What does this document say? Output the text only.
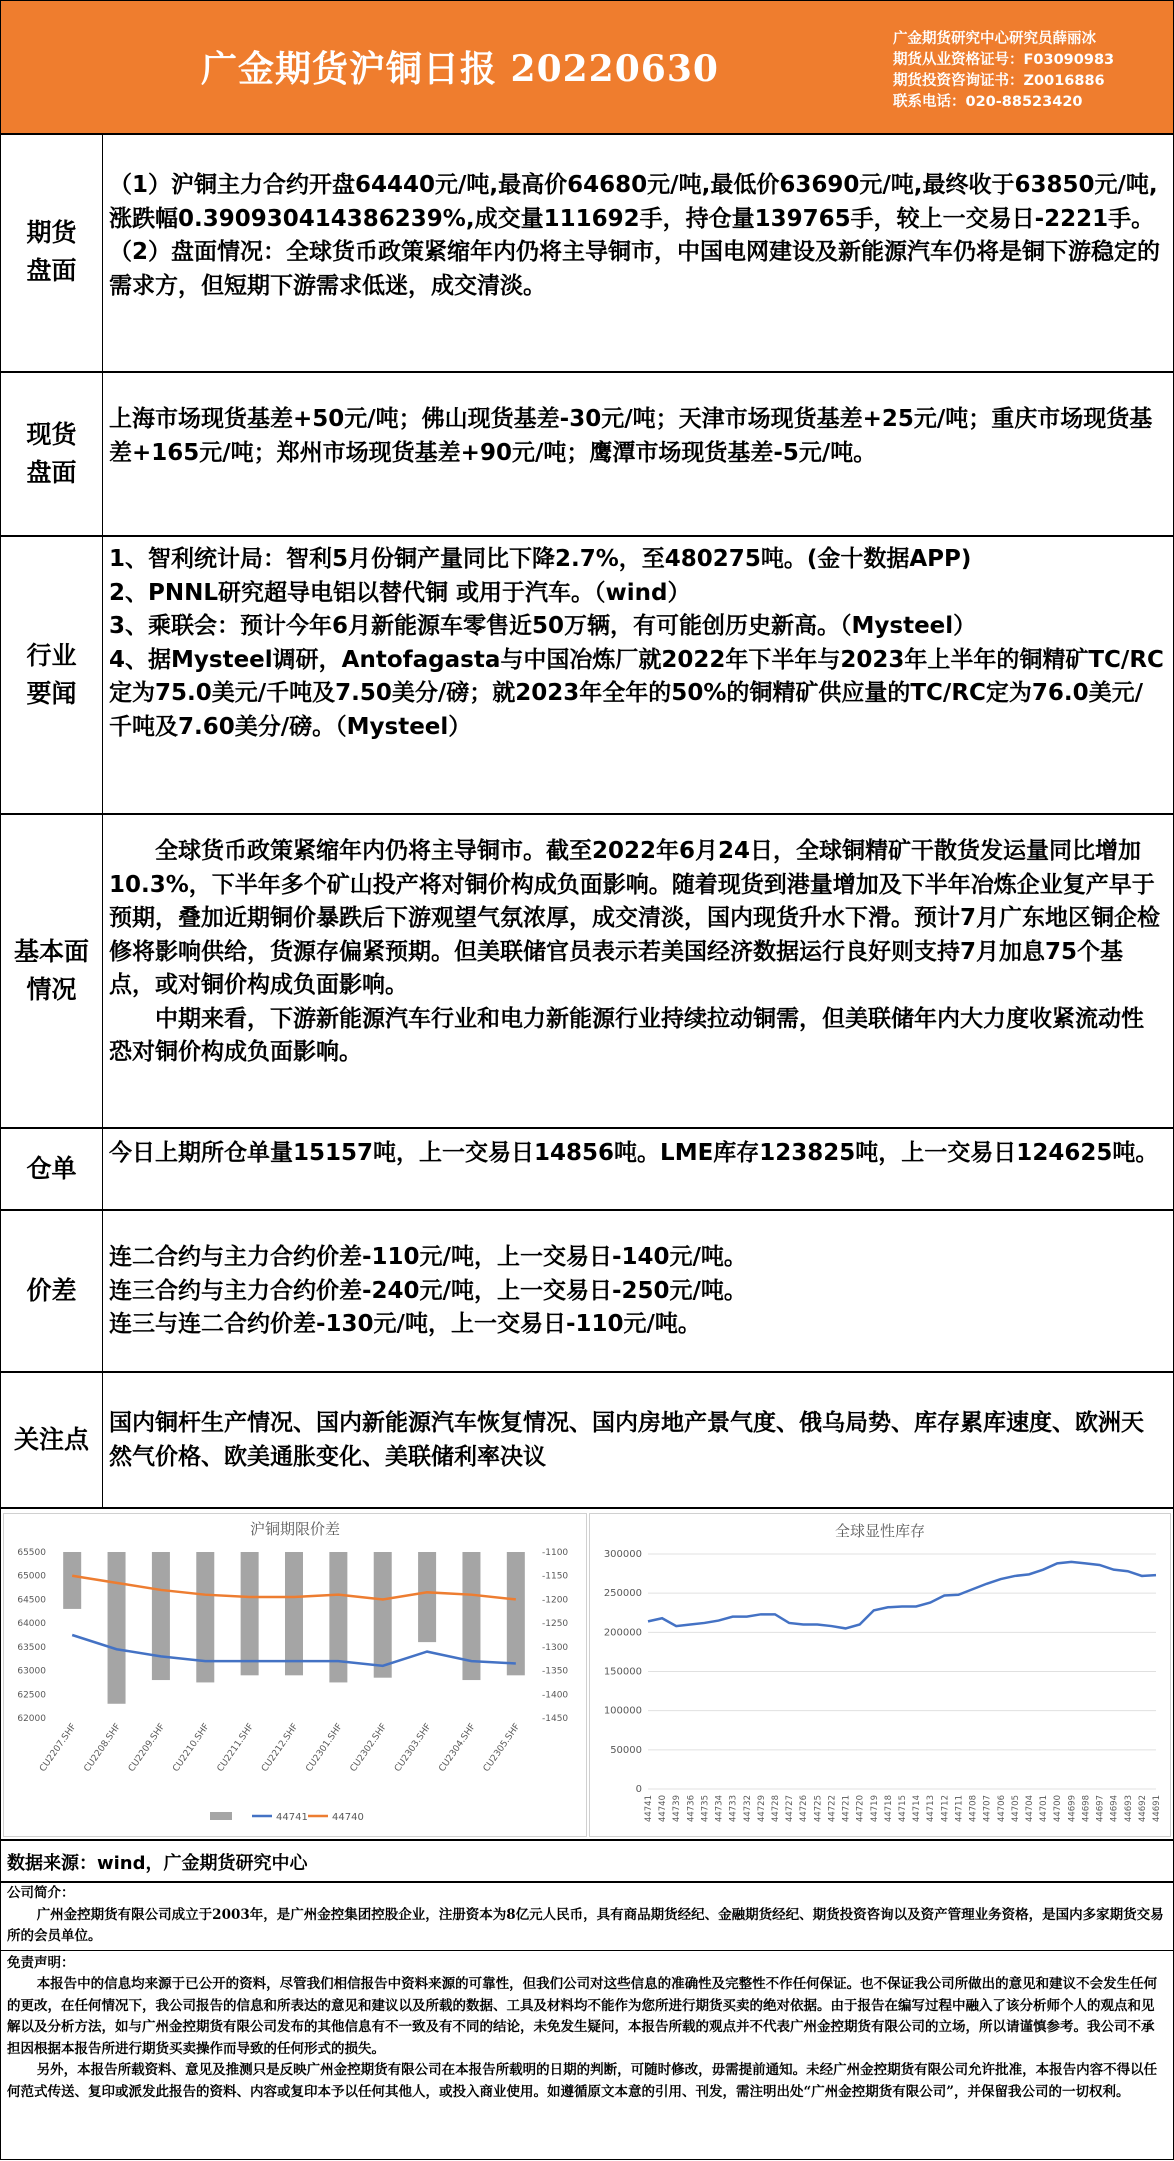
广金期货沪铜日报 20220630
广金期货研究中心研究员薛丽冰
期货从业资格证号：F03090983
期货投资咨询证书：Z0016886
联系电话：020-88523420
期货盘面

（1）沪铜主力合约开盘64440元/吨,最高价64680元/吨,最低价63690元/吨,最终收于63850元/吨,涨跌幅0.390930414386239%,成交量111692手，持仓量139765手，较上一交易日-2221手。

（2）盘面情况：全球货币政策紧缩年内仍将主导铜市，中国电网建设及新能源汽车仍将是铜下游稳定的需求方，但短期下游需求低迷，成交清淡。

现货盘面

上海市场现货基差+50元/吨；佛山现货基差-30元/吨；天津市场现货基差+25元/吨；重庆市场现货基差+165元/吨；郑州市场现货基差+90元/吨；鹰潭市场现货基差-5元/吨。

行业要闻

1、智利统计局：智利5月份铜产量同比下降2.7%，至480275吨。(金十数据APP)

2、PNNL研究超导电铝以替代铜 或用于汽车。（wind）

3、乘联会：预计今年6月新能源车零售近50万辆，有可能创历史新高。（Mysteel）

4、据Mysteel调研，Antofagasta与中国冶炼厂就2022年下半年与2023年上半年的铜精矿TC/RC定为75.0美元/千吨及7.50美分/磅；就2023年全年的50%的铜精矿供应量的TC/RC定为76.0美元/千吨及7.60美分/磅。（Mysteel）

基本面情况

全球货币政策紧缩年内仍将主导铜市。截至2022年6月24日，全球铜精矿干散货发运量同比增加10.3%，下半年多个矿山投产将对铜价构成负面影响。随着现货到港量增加及下半年冶炼企业复产早于预期，叠加近期铜价暴跌后下游观望气氛浓厚，成交清淡，国内现货升水下滑。预计7月广东地区铜企检修将影响供给，货源存偏紧预期。但美联储官员表示若美国经济数据运行良好则支持7月加息75个基点，或对铜价构成负面影响。

中期来看，下游新能源汽车行业和电力新能源行业持续拉动铜需，但美联储年内大力度收紧流动性恐对铜价构成负面影响。

仓单

今日上期所仓单量15157吨，上一交易日14856吨。LME库存123825吨，上一交易日124625吨。

价差

连二合约与主力合约价差-110元/吨，上一交易日-140元/吨。

连三合约与主力合约价差-240元/吨，上一交易日-250元/吨。

连三与连二合约价差-130元/吨，上一交易日-110元/吨。

关注点

国内铜杆生产情况、国内新能源汽车恢复情况、国内房地产景气度、俄乌局势、库存累库速度、欧洲天然气价格、欧美通胀变化、美联储利率决议

沪铜期限价差
62000
62500
63000
63500
64000
64500
65000
65500
-1450
-1400
-1350
-1300
-1250
-1200
-1150
-1100
CU2207.SHF CU2208.SHF CU2209.SHF CU2210.SHF CU2211.SHF CU2212.SHF CU2301.SHF CU2302.SHF CU2303.SHF CU2304.SHF CU2305.SHF
44741 44740
全球显性库存
0
50000
100000
150000
200000
250000
300000
44741 44740 44739 44736 44735 44734 44733 44732 44729 44728 44727 44726 44725 44722 44721 44720 44719 44718 44715 44714 44713 44712 44711 44708 44707 44706 44705 44704 44701 44700 44699 44698 44697 44694 44693 44692 44691
数据来源：wind，广金期货研究中心
公司简介：
广州金控期货有限公司成立于2003年，是广州金控集团控股企业，注册资本为8亿元人民币，具有商品期货经纪、金融期货经纪、期货投资咨询以及资产管理业务资格，是国内多家期货交易所的会员单位。
免责声明：
本报告中的信息均来源于已公开的资料，尽管我们相信报告中资料来源的可靠性，但我们公司对这些信息的准确性及完整性不作任何保证。也不保证我公司所做出的意见和建议不会发生任何的更改，在任何情况下，我公司报告的信息和所表达的意见和建议以及所载的数据、工具及材料均不能作为您所进行期货买卖的绝对依据。由于报告在编写过程中融入了该分析师个人的观点和见解以及分析方法，如与广州金控期货有限公司发布的其他信息有不一致及有不同的结论，未免发生疑问，本报告所载的观点并不代表广州金控期货有限公司的立场，所以请谨慎参考。我公司不承担因根据本报告所进行期货买卖操作而导致的任何形式的损失。
另外，本报告所载资料、意见及推测只是反映广州金控期货有限公司在本报告所载明的日期的判断，可随时修改，毋需提前通知。未经广州金控期货有限公司允许批准，本报告内容不得以任何范式传送、复印或派发此报告的资料、内容或复印本予以任何其他人，或投入商业使用。如遵循原文本意的引用、刊发，需注明出处“广州金控期货有限公司”，并保留我公司的一切权利。
